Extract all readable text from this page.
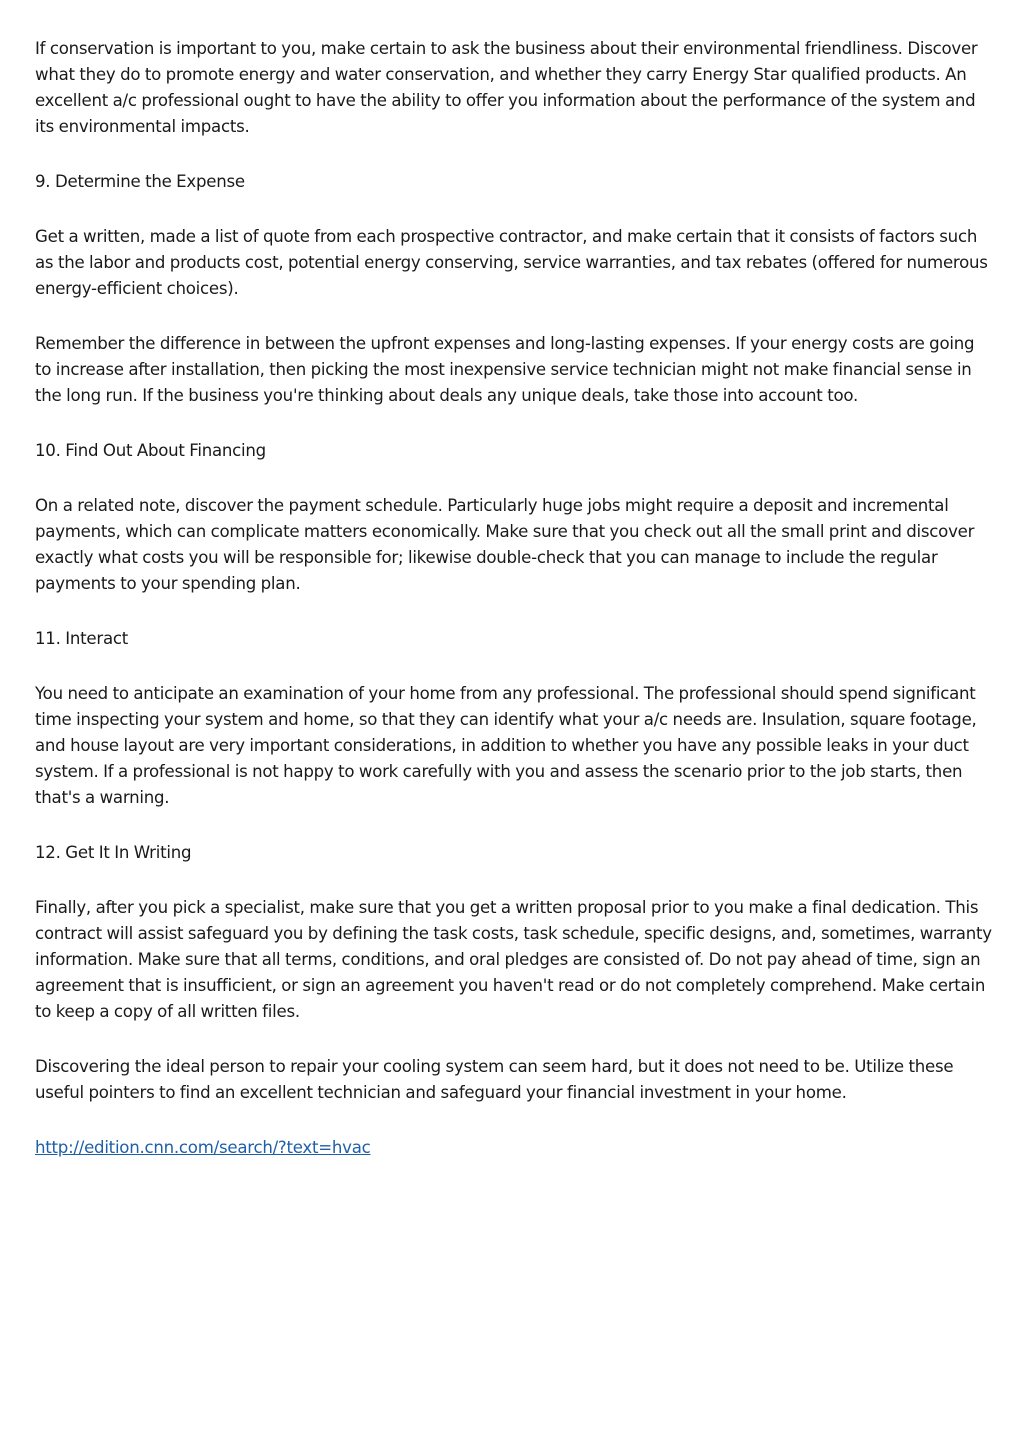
If conservation is important to you, make certain to ask the business about their environmental friendliness. Discover what they do to promote energy and water conservation, and whether they carry Energy Star qualified products. An excellent a/c professional ought to have the ability to offer you information about the performance of the system and its environmental impacts.

9. Determine the Expense

Get a written, made a list of quote from each prospective contractor, and make certain that it consists of factors such as the labor and products cost, potential energy conserving, service warranties, and tax rebates (offered for numerous energy-efficient choices).

Remember the difference in between the upfront expenses and long-lasting expenses. If your energy costs are going to increase after installation, then picking the most inexpensive service technician might not make financial sense in the long run. If the business you're thinking about deals any unique deals, take those into account too.

10. Find Out About Financing

On a related note, discover the payment schedule. Particularly huge jobs might require a deposit and incremental payments, which can complicate matters economically. Make sure that you check out all the small print and discover exactly what costs you will be responsible for; likewise double-check that you can manage to include the regular payments to your spending plan.

11. Interact

You need to anticipate an examination of your home from any professional. The professional should spend significant time inspecting your system and home, so that they can identify what your a/c needs are. Insulation, square footage, and house layout are very important considerations, in addition to whether you have any possible leaks in your duct system. If a professional is not happy to work carefully with you and assess the scenario prior to the job starts, then that's a warning.

12. Get It In Writing

Finally, after you pick a specialist, make sure that you get a written proposal prior to you make a final dedication. This contract will assist safeguard you by defining the task costs, task schedule, specific designs, and, sometimes, warranty information. Make sure that all terms, conditions, and oral pledges are consisted of. Do not pay ahead of time, sign an agreement that is insufficient, or sign an agreement you haven't read or do not completely comprehend. Make certain to keep a copy of all written files.

Discovering the ideal person to repair your cooling system can seem hard, but it does not need to be. Utilize these useful pointers to find an excellent technician and safeguard your financial investment in your home.

http://edition.cnn.com/search/?text=hvac
